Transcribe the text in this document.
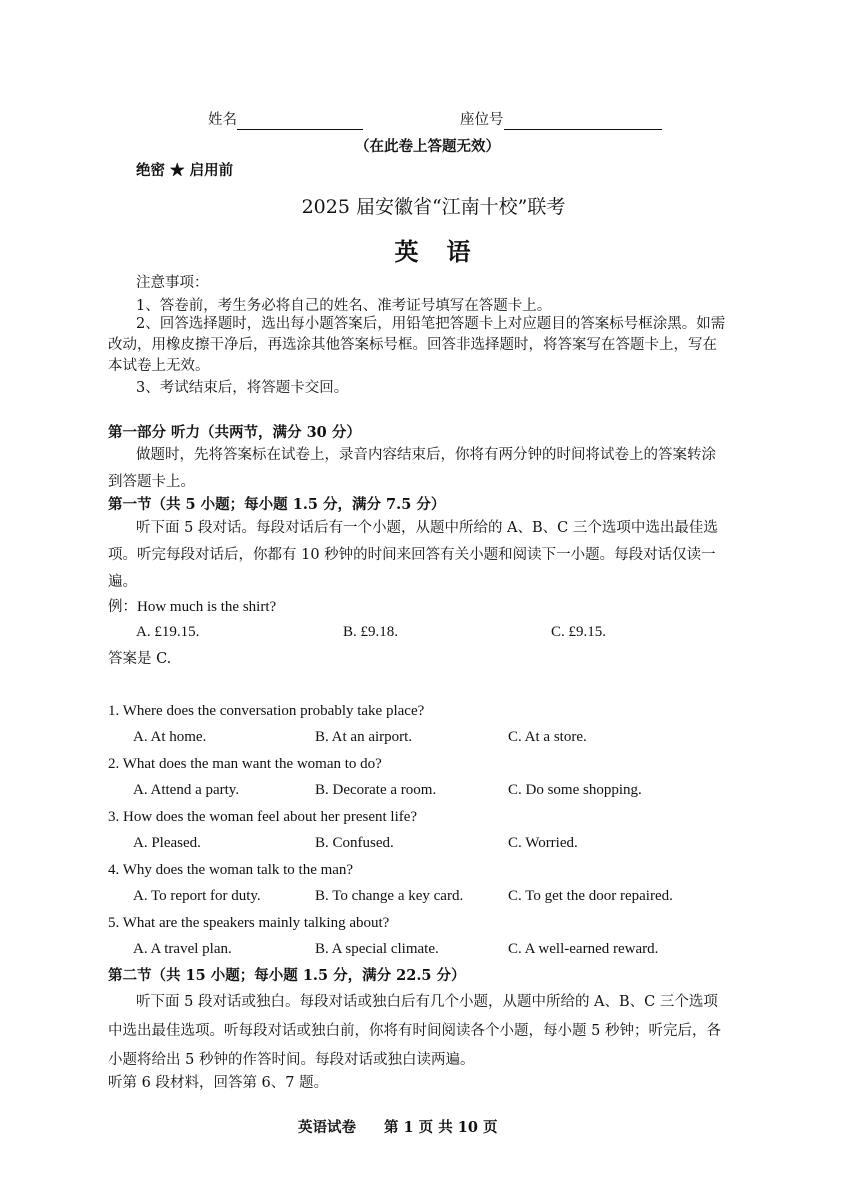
姓名	座位号
（在此卷上答题无效）
绝密 ★ 启用前
2025 届安徽省“江南十校”联考
英　语
注意事项：
1、答卷前，考生务必将自己的姓名、准考证号填写在答题卡上。
2、回答选择题时，选出每小题答案后，用铅笔把答题卡上对应题目的答案标号框涂黑。如需改动，用橡皮擦干净后，再选涂其他答案标号框。回答非选择题时，将答案写在答题卡上，写在本试卷上无效。
3、考试结束后，将答题卡交回。
第一部分 听力（共两节，满分 30 分）
做题时，先将答案标在试卷上，录音内容结束后，你将有两分钟的时间将试卷上的答案转涂到答题卡上。
第一节（共 5 小题；每小题 1.5 分，满分 7.5 分）
听下面 5 段对话。每段对话后有一个小题，从题中所给的 A、B、C 三个选项中选出最佳选项。听完每段对话后，你都有 10 秒钟的时间来回答有关小题和阅读下一小题。每段对话仅读一遍。
例：How much is the shirt?
A. £19.15.	B. £9.18.	C. £9.15.
答案是 C.
1. Where does the conversation probably take place?
A. At home.	B. At an airport.	C. At a store.
2. What does the man want the woman to do?
A. Attend a party.	B. Decorate a room.	C. Do some shopping.
3. How does the woman feel about her present life?
A. Pleased.	B. Confused.	C. Worried.
4. Why does the woman talk to the man?
A. To report for duty.	B. To change a key card.	C. To get the door repaired.
5. What are the speakers mainly talking about?
A. A travel plan.	B. A special climate.	C. A well-earned reward.
第二节（共 15 小题；每小题 1.5 分，满分 22.5 分）
听下面 5 段对话或独白。每段对话或独白后有几个小题，从题中所给的 A、B、C 三个选项中选出最佳选项。听每段对话或独白前，你将有时间阅读各个小题，每小题 5 秒钟；听完后，各小题将给出 5 秒钟的作答时间。每段对话或独白读两遍。
听第 6 段材料，回答第 6、7 题。
英语试卷 第 1 页 共 10 页
